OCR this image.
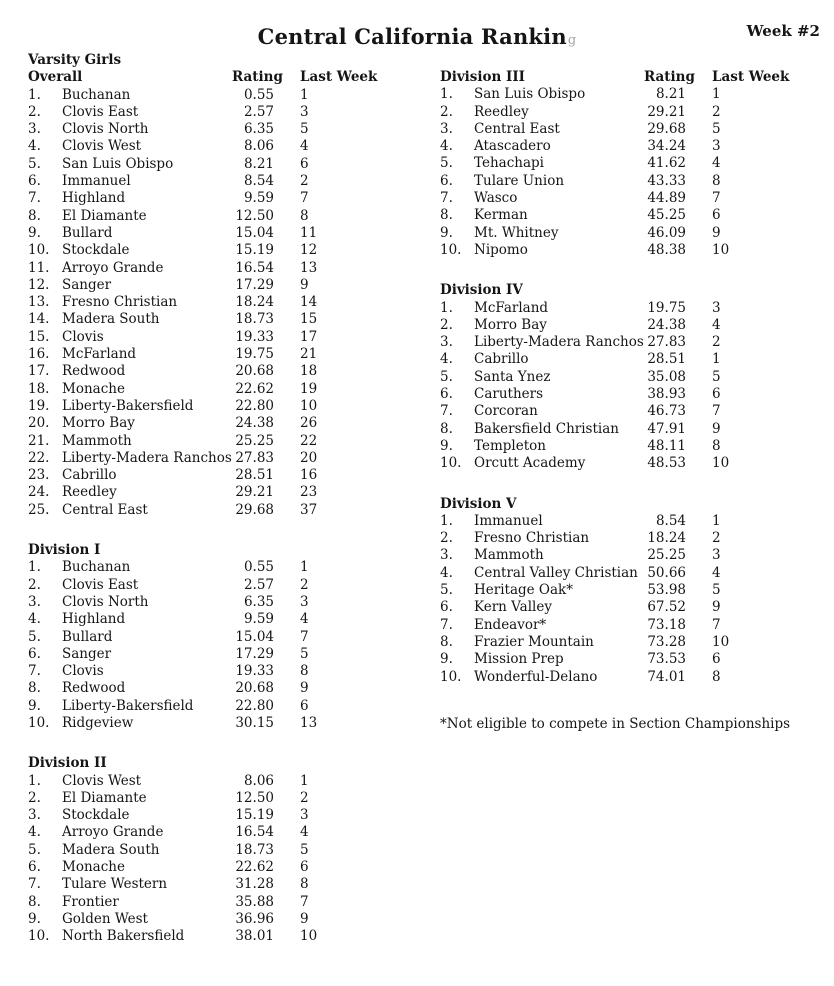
Central California Ranking
Week #2
Varsity Girls
Overall	Rating	Last Week
1.	Buchanan	0.55	1
2.	Clovis East	2.57	3
3.	Clovis North	6.35	5
4.	Clovis West	8.06	4
5.	San Luis Obispo	8.21	6
6.	Immanuel	8.54	2
7.	Highland	9.59	7
8.	El Diamante	12.50	8
9.	Bullard	15.04	11
10. Stockdale	15.19	12
11. Arroyo Grande	16.54	13
12. Sanger	17.29	9
13. Fresno Christian	18.24	14
14. Madera South	18.73	15
15. Clovis	19.33	17
16. McFarland	19.75	21
17. Redwood	20.68	18
18. Monache	22.62	19
19. Liberty-Bakersfield	22.80	10
20. Morro Bay	24.38	26
21. Mammoth	25.25	22
22. Liberty-Madera Ranchos 27.83	20
23. Cabrillo	28.51	16
24. Reedley	29.21	23
25. Central East	29.68	37
Division I
1.	Buchanan	0.55	1
2.	Clovis East	2.57	2
3.	Clovis North	6.35	3
4.	Highland	9.59	4
5.	Bullard	15.04	7
6.	Sanger	17.29	5
7.	Clovis	19.33	8
8.	Redwood	20.68	9
9.	Liberty-Bakersfield	22.80	6
10. Ridgeview	30.15	13
Division II
1.	Clovis West	8.06	1
2.	El Diamante	12.50	2
3.	Stockdale	15.19	3
4.	Arroyo Grande	16.54	4
5.	Madera South	18.73	5
6.	Monache	22.62	6
7.	Tulare Western	31.28	8
8.	Frontier	35.88	7
9.	Golden West	36.96	9
10. North Bakersfield	38.01	10
Division III	Rating	Last Week
1.	San Luis Obispo	8.21	1
2.	Reedley	29.21	2
3.	Central East	29.68	5
4.	Atascadero	34.24	3
5.	Tehachapi	41.62	4
6.	Tulare Union	43.33	8
7.	Wasco	44.89	7
8.	Kerman	45.25	6
9.	Mt. Whitney	46.09	9
10. Nipomo	48.38	10
Division IV
1.	McFarland	19.75	3
2.	Morro Bay	24.38	4
3.	Liberty-Madera Ranchos 27.83	2
4.	Cabrillo	28.51	1
5.	Santa Ynez	35.08	5
6.	Caruthers	38.93	6
7.	Corcoran	46.73	7
8.	Bakersfield Christian	47.91	9
9.	Templeton	48.11	8
10. Orcutt Academy	48.53	10
Division V
1.	Immanuel	8.54	1
2.	Fresno Christian	18.24	2
3.	Mammoth	25.25	3
4.	Central Valley Christian 50.66	4
5.	Heritage Oak*	53.98	5
6.	Kern Valley	67.52	9
7.	Endeavor*	73.18	7
8.	Frazier Mountain	73.28	10
9.	Mission Prep	73.53	6
10. Wonderful-Delano	74.01	8
*Not eligible to compete in Section Championships
